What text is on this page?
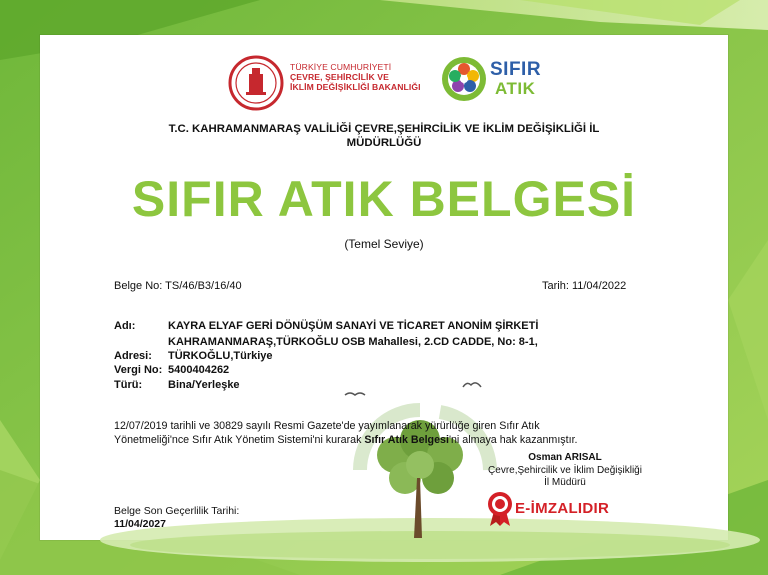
TÜRKİYE CUMHURİYETİ
ÇEVRE, ŞEHİRCİLİK VE
İKLİM DEĞİŞİKLİĞİ BAKANLIĞI
SIFIR
ATIK
T.C. KAHRAMANMARAŞ VALİLİĞİ ÇEVRE,ŞEHİRCİLİK VE İKLİM DEĞİŞİKLİĞİ İL MÜDÜRLÜĞÜ
SIFIR ATIK BELGESİ
(Temel Seviye)
Belge No: TS/46/B3/16/40	Tarih: 11/04/2022
Adı:	KAYRA ELYAF GERİ DÖNÜŞÜM SANAYİ VE TİCARET ANONİM ŞİRKETİ
KAHRAMANMARAŞ,TÜRKOĞLU OSB Mahallesi, 2.CD CADDE, No: 8-1,
Adresi: TÜRKOĞLU,Türkiye
Vergi No: 5400404262
Türü: Bina/Yerleşke
12/07/2019 tarihli ve 30829 sayılı Resmi Gazete'de yayımlanarak yürürlüğe giren Sıfır Atık
Yönetmeliği'nce Sıfır Atık Yönetim Sistemi'ni kurarak Sıfır Atık Belgesi'ni almaya hak kazanmıştır.
Osman ARISAL
Çevre,Şehircilik ve İklim Değişikliği
İl Müdürü
Belge Son Geçerlilik Tarihi:
11/04/2027
E-İMZALIDIR
